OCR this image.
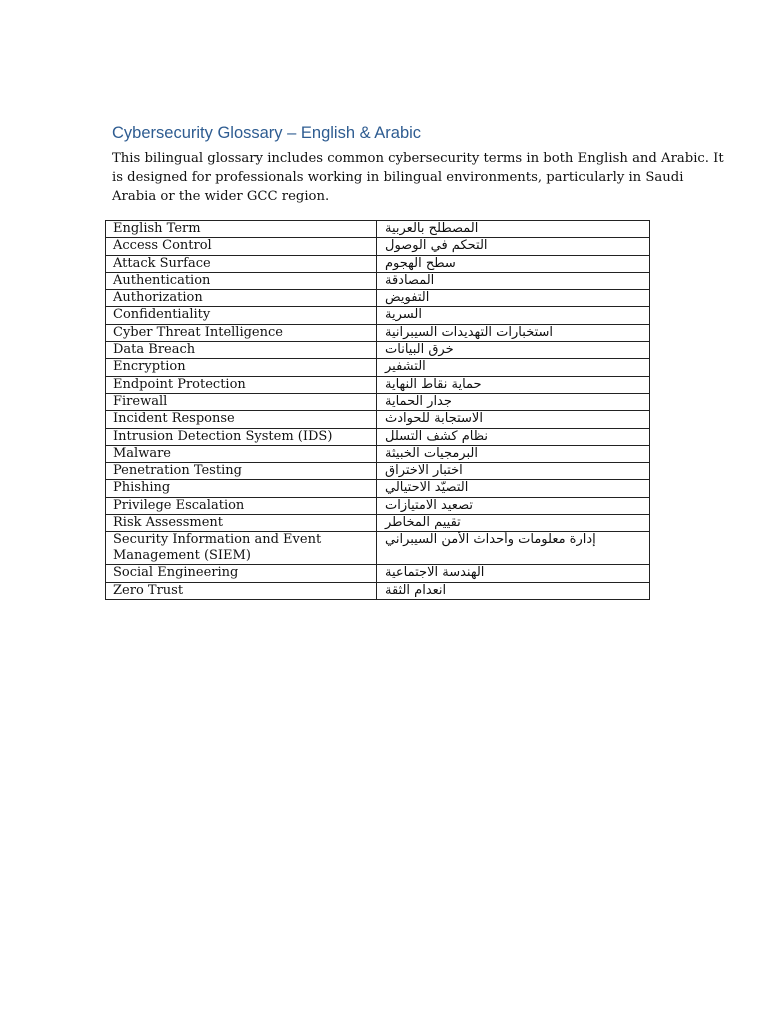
Cybersecurity Glossary – English & Arabic
This bilingual glossary includes common cybersecurity terms in both English and Arabic. It
is designed for professionals working in bilingual environments, particularly in Saudi
Arabia or the wider GCC region.
English Term	المصطلح بالعربية
Access Control	التحكم في الوصول
Attack Surface	سطح الهجوم
Authentication	المصادقة
Authorization	التفويض
Confidentiality	السرية
Cyber Threat Intelligence	استخبارات التهديدات السيبرانية
Data Breach	خرق البيانات
Encryption	التشفير
Endpoint Protection	حماية نقاط النهاية
Firewall	جدار الحماية
Incident Response	الاستجابة للحوادث
Intrusion Detection System (IDS)	نظام كشف التسلل
Malware	البرمجيات الخبيثة
Penetration Testing	اختبار الاختراق
Phishing	التصيّد الاحتيالي
Privilege Escalation	تصعيد الامتيازات
Risk Assessment	تقييم المخاطر
Security Information and Event Management (SIEM)	إدارة معلومات وأحداث الأمن السيبراني
Social Engineering	الهندسة الاجتماعية
Zero Trust	انعدام الثقة
